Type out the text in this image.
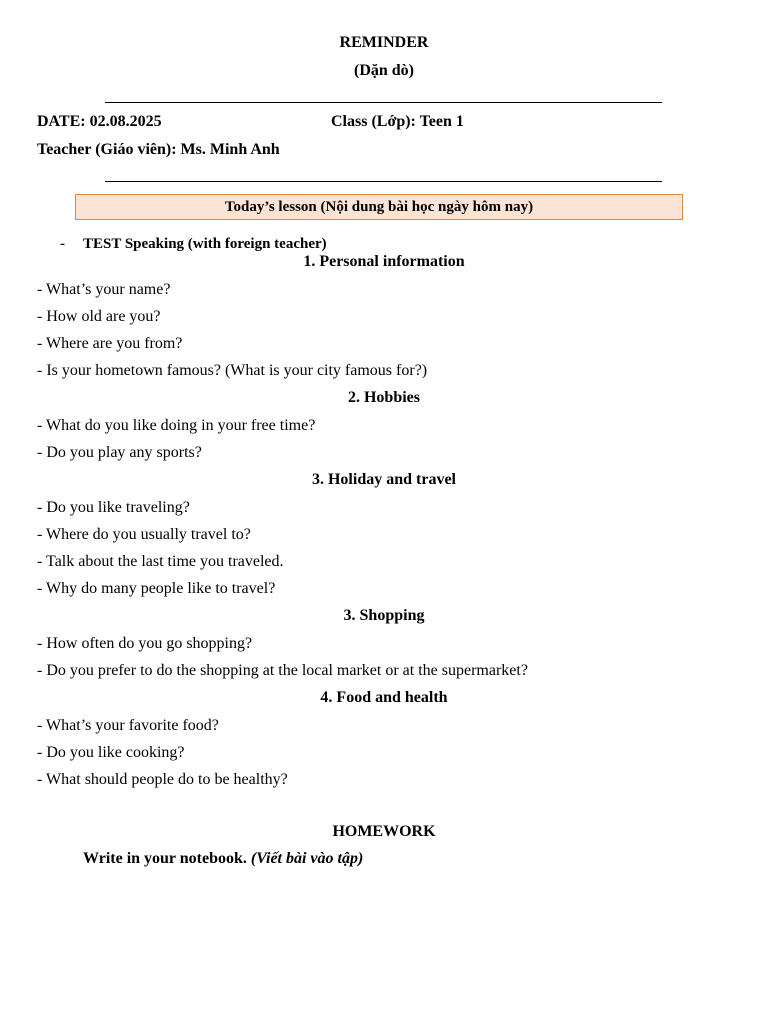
REMINDER
(Dặn dò)
DATE: 02.08.2025	Class (Lớp): Teen 1
Teacher (Giáo viên): Ms. Minh Anh
Today’s lesson (Nội dung bài học ngày hôm nay)
- TEST Speaking (with foreign teacher)
1. Personal information
- What’s your name?
- How old are you?
- Where are you from?
- Is your hometown famous? (What is your city famous for?)
2. Hobbies
- What do you like doing in your free time?
- Do you play any sports?
3. Holiday and travel
- Do you like traveling?
- Where do you usually travel to?
- Talk about the last time you traveled.
- Why do many people like to travel?
3. Shopping
- How often do you go shopping?
- Do you prefer to do the shopping at the local market or at the supermarket?
4. Food and health
- What’s your favorite food?
- Do you like cooking?
- What should people do to be healthy?
HOMEWORK
Write in your notebook. (Viết bài vào tập)
